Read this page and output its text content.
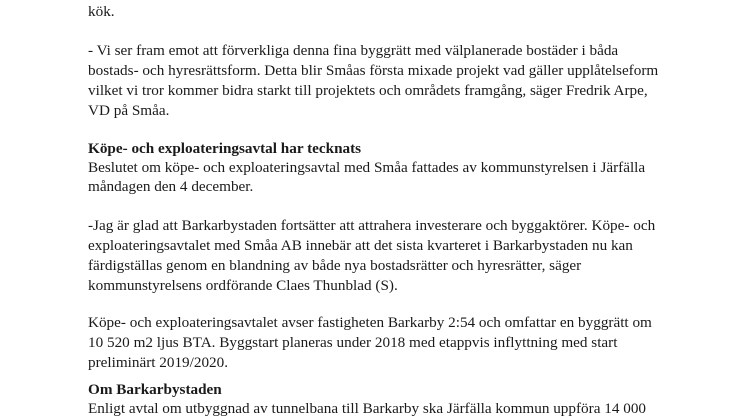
kök.
- Vi ser fram emot att förverkliga denna fina byggrätt med välplanerade bostäder i båda
bostads- och hyresrättsform. Detta blir Småas första mixade projekt vad gäller upplåtelseform
vilket vi tror kommer bidra starkt till projektets och områdets framgång, säger Fredrik Arpe,
VD på Småa.
Köpe- och exploateringsavtal har tecknats
Beslutet om köpe- och exploateringsavtal med Småa fattades av kommunstyrelsen i Järfälla
måndagen den 4 december.
-Jag är glad att Barkarbystaden fortsätter att attrahera investerare och byggaktörer. Köpe- och
exploateringsavtalet med Småa AB innebär att det sista kvarteret i Barkarbystaden nu kan
färdigställas genom en blandning av både nya bostadsrätter och hyresrätter, säger
kommunstyrelsens ordförande Claes Thunblad (S).
Köpe- och exploateringsavtalet avser fastigheten Barkarby 2:54 och omfattar en byggrätt om
10 520 m2 ljus BTA. Byggstart planeras under 2018 med etappvis inflyttning med start
preliminärt 2019/2020.
Om Barkarbystaden
Enligt avtal om utbyggnad av tunnelbana till Barkarby ska Järfälla kommun uppföra 14 000
